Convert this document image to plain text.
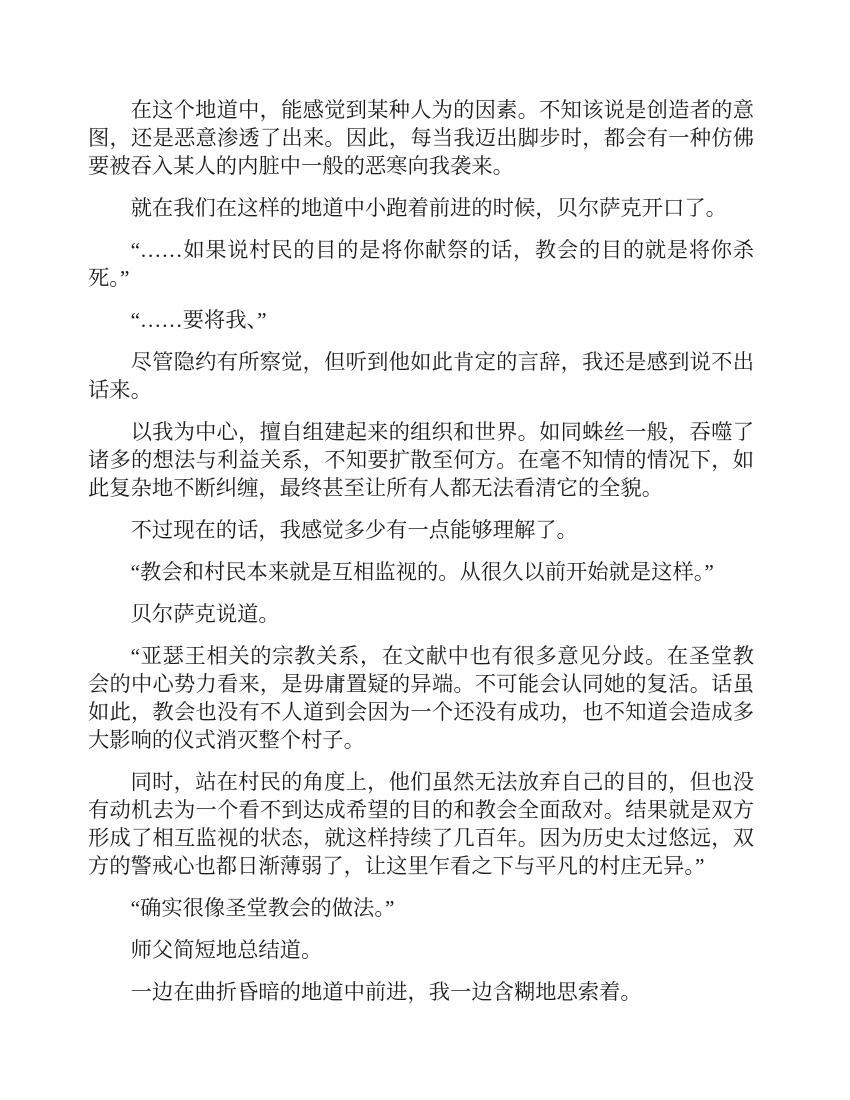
在这个地道中，能感觉到某种人为的因素。不知该说是创造者的意图，还是恶意渗透了出来。因此，每当我迈出脚步时，都会有一种仿佛要被吞入某人的内脏中一般的恶寒向我袭来。

就在我们在这样的地道中小跑着前进的时候，贝尔萨克开口了。

“……如果说村民的目的是将你献祭的话，教会的目的就是将你杀死。”

“……要将我、”

尽管隐约有所察觉，但听到他如此肯定的言辞，我还是感到说不出话来。

以我为中心，擅自组建起来的组织和世界。如同蛛丝一般，吞噬了诸多的想法与利益关系，不知要扩散至何方。在毫不知情的情况下，如此复杂地不断纠缠，最终甚至让所有人都无法看清它的全貌。

不过现在的话，我感觉多少有一点能够理解了。

“教会和村民本来就是互相监视的。从很久以前开始就是这样。”

贝尔萨克说道。

“亚瑟王相关的宗教关系，在文献中也有很多意见分歧。在圣堂教会的中心势力看来，是毋庸置疑的异端。不可能会认同她的复活。话虽如此，教会也没有不人道到会因为一个还没有成功，也不知道会造成多大影响的仪式消灭整个村子。

同时，站在村民的角度上，他们虽然无法放弃自己的目的，但也没有动机去为一个看不到达成希望的目的和教会全面敌对。结果就是双方形成了相互监视的状态，就这样持续了几百年。因为历史太过悠远，双方的警戒心也都日渐薄弱了，让这里乍看之下与平凡的村庄无异。”

“确实很像圣堂教会的做法。”

师父简短地总结道。

一边在曲折昏暗的地道中前进，我一边含糊地思索着。
